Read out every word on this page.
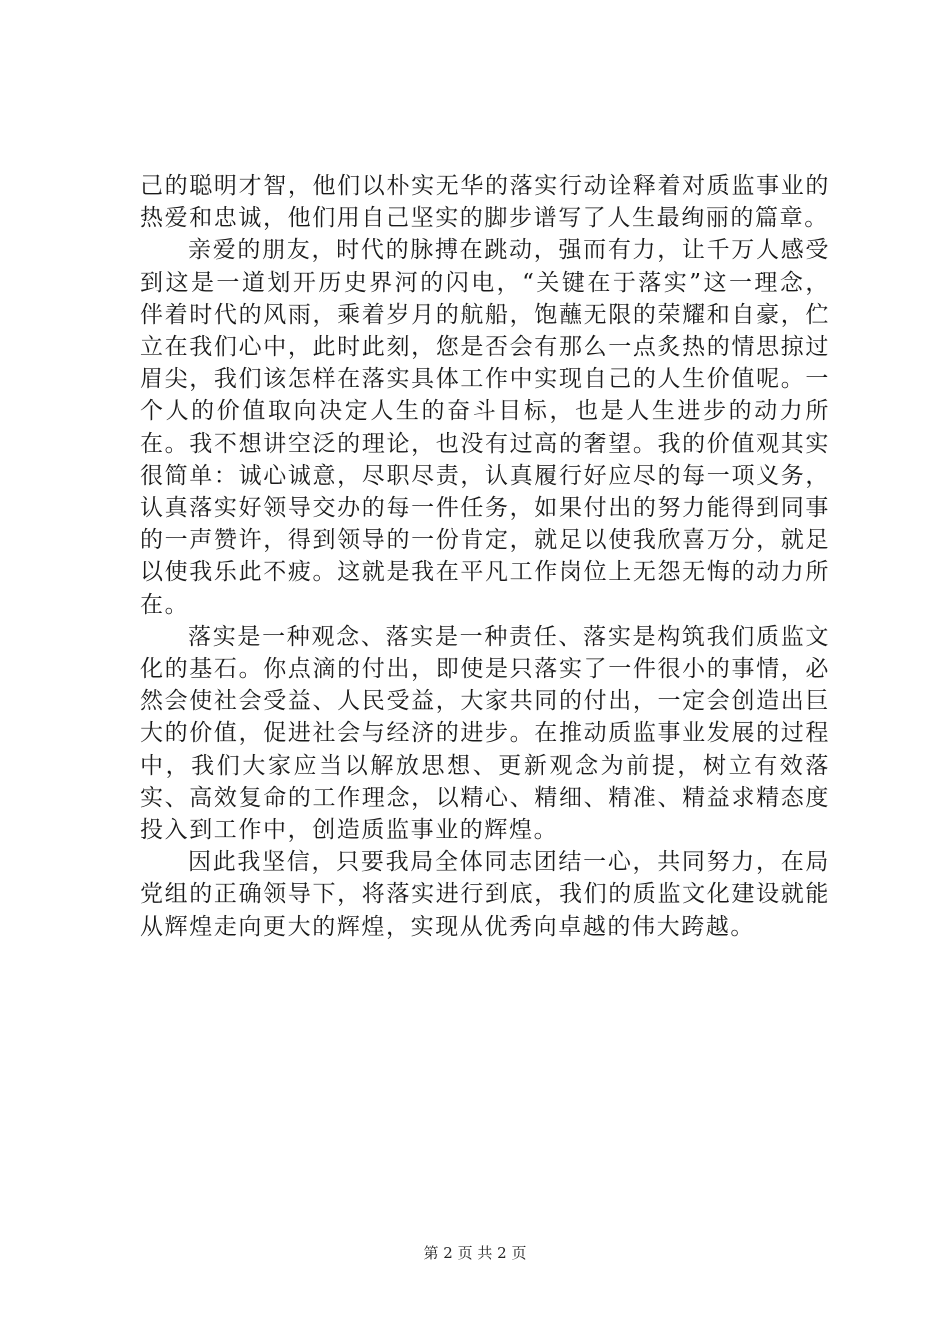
己的聪明才智，他们以朴实无华的落实行动诠释着对质监事业的热爱和忠诚，他们用自己坚实的脚步谱写了人生最绚丽的篇章。

亲爱的朋友，时代的脉搏在跳动，强而有力，让千万人感受到这是一道划开历史界河的闪电，“关键在于落实”这一理念，伴着时代的风雨，乘着岁月的航船，饱蘸无限的荣耀和自豪，伫立在我们心中，此时此刻，您是否会有那么一点炙热的情思掠过眉尖，我们该怎样在落实具体工作中实现自己的人生价值呢。一个人的价值取向决定人生的奋斗目标，也是人生进步的动力所在。我不想讲空泛的理论，也没有过高的奢望。我的价值观其实很简单：诚心诚意，尽职尽责，认真履行好应尽的每一项义务，认真落实好领导交办的每一件任务，如果付出的努力能得到同事的一声赞许，得到领导的一份肯定，就足以使我欣喜万分，就足以使我乐此不疲。这就是我在平凡工作岗位上无怨无悔的动力所在。

落实是一种观念、落实是一种责任、落实是构筑我们质监文化的基石。你点滴的付出，即使是只落实了一件很小的事情，必然会使社会受益、人民受益，大家共同的付出，一定会创造出巨大的价值，促进社会与经济的进步。在推动质监事业发展的过程中，我们大家应当以解放思想、更新观念为前提，树立有效落实、高效复命的工作理念，以精心、精细、精准、精益求精态度投入到工作中，创造质监事业的辉煌。

因此我坚信，只要我局全体同志团结一心，共同努力，在局党组的正确领导下，将落实进行到底，我们的质监文化建设就能从辉煌走向更大的辉煌，实现从优秀向卓越的伟大跨越。

第 2 页 共 2 页
